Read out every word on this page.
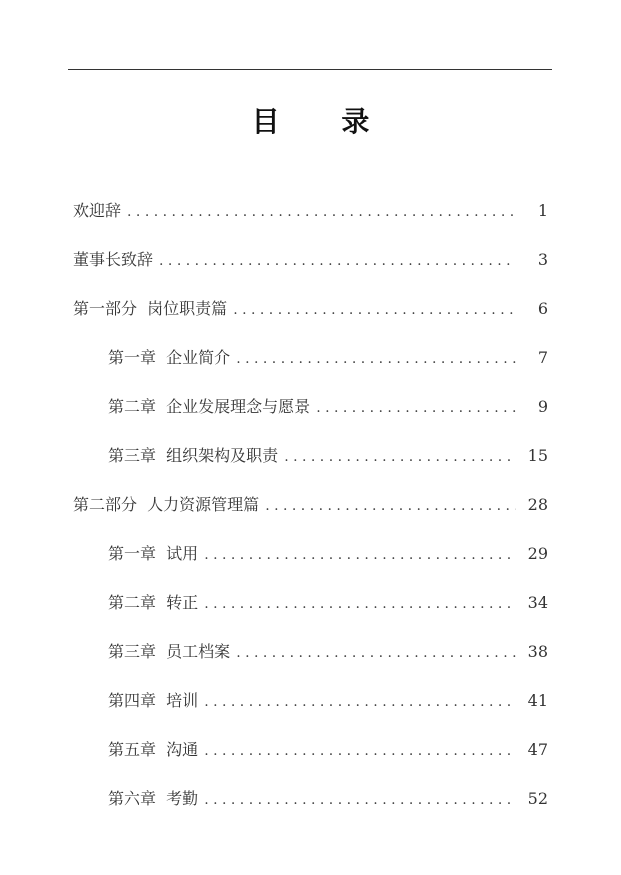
目 录
欢迎辞 . . .	1
董事长致辞 . . .	3
第一部分  岗位职责篇 . . .	6
第一章  企业简介 . . .	7
第二章  企业发展理念与愿景 . . .	9
第三章  组织架构及职责 . . .	15
第二部分  人力资源管理篇 . . .	28
第一章  试用 . . .	29
第二章  转正 . . .	34
第三章  员工档案 . . .	38
第四章  培训 . . .	41
第五章  沟通 . . .	47
第六章  考勤 . . .	52
